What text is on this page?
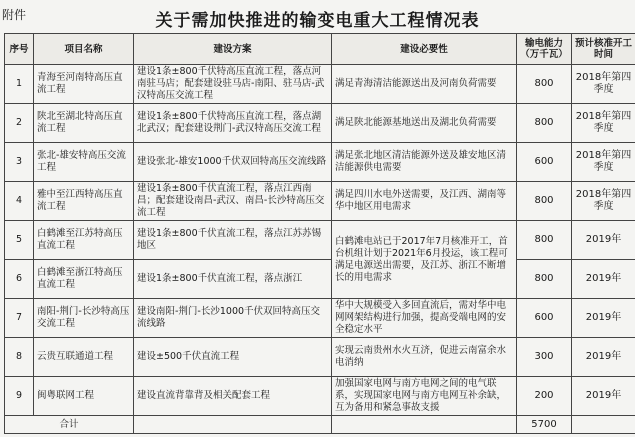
附件	关于需加快推进的输变电重大工程情况表
序号	项目名称	建设方案	建设必要性	输电能力（万千瓦）	预计核准开工时间
1	青海至河南特高压直流工程	建设1条±800千伏特高压直流工程，落点河南驻马店；配套建设驻马店-南阳、驻马店-武汉特高压交流工程	满足青海清洁能源送出及河南负荷需要	800	2018年第四季度
2	陕北至湖北特高压直流工程	建设1条±800千伏特高压直流工程，落点湖北武汉；配套建设荆门-武汉特高压交流工程	满足陕北能源基地送出及湖北负荷需要	800	2018年第四季度
3	张北-雄安特高压交流工程	建设张北-雄安1000千伏双回特高压交流线路	满足张北地区清洁能源外送及雄安地区清洁能源供电需要	600	2018年第四季度
4	雅中至江西特高压直流工程	建设1条±800千伏直流工程，落点江西南昌；配套建设南昌-武汉、南昌-长沙特高压交流工程	满足四川水电外送需要，及江西、湖南等华中地区用电需求	800	2018年第四季度
5	白鹤滩至江苏特高压直流工程	建设1条±800千伏直流工程，落点江苏苏锡地区	白鹤滩电站已于2017年7月核准开工，首台机组计划于2021年6月投运，该工程可满足电源送出需要，及江苏、浙江不断增长的用电需求	800	2019年
6	白鹤滩至浙江特高压直流工程	建设1条±800千伏直流工程，落点浙江		800	2019年
7	南阳-荆门-长沙特高压交流工程	建设南阳-荆门-长沙1000千伏双回特高压交流线路	华中大规模受入多回直流后，需对华中电网网架结构进行加强，提高受端电网的安全稳定水平	600	2019年
8	云贵互联通道工程	建设±500千伏直流工程	实现云南贵州水火互济，促进云南富余水电消纳	300	2019年
9	闽粤联网工程	建设直流背靠背及相关配套工程	加强国家电网与南方电网之间的电气联系，实现国家电网与南方电网互补余缺，互为备用和紧急事故支援	200	2019年
合计				5700	
